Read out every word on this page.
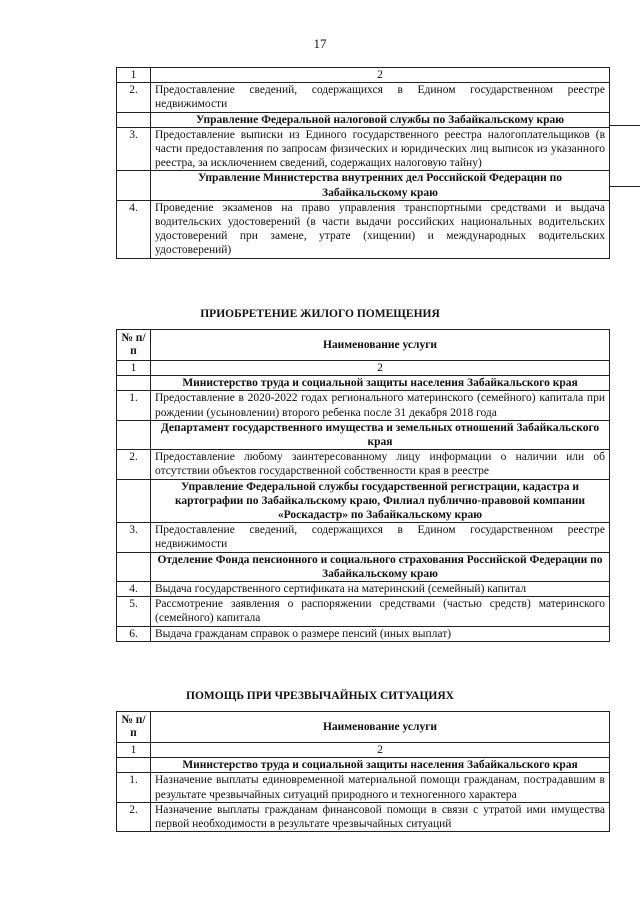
17
1	2
2.	Предоставление сведений, содержащихся в Едином государственном реестре недвижимости
	Управление Федеральной налоговой службы по Забайкальскому краю
3.	Предоставление выписки из Единого государственного реестра налогоплательщиков (в части предоставления по запросам физических и юридических лиц выписок из указанного реестра, за исключением сведений, содержащих налоговую тайну)
	Управление Министерства внутренних дел Российской Федерации по Забайкальскому краю
4.	Проведение экзаменов на право управления транспортными средствами и выдача водительских удостоверений (в части выдачи российских национальных водительских удостоверений при замене, утрате (хищении) и международных водительских удостоверений)
ПРИОБРЕТЕНИЕ ЖИЛОГО ПОМЕЩЕНИЯ
№ п/п	Наименование услуги
1	2
	Министерство труда и социальной защиты населения Забайкальского края
1.	Предоставление в 2020-2022 годах регионального материнского (семейного) капитала при рождении (усыновлении) второго ребенка после 31 декабря 2018 года
	Департамент государственного имущества и земельных отношений Забайкальского края
2.	Предоставление любому заинтересованному лицу информации о наличии или об отсутствии объектов государственной собственности края в реестре
	Управление Федеральной службы государственной регистрации, кадастра и картографии по Забайкальскому краю, Филиал публично-правовой компании «Роскадастр» по Забайкальскому краю
3.	Предоставление сведений, содержащихся в Едином государственном реестре недвижимости
	Отделение Фонда пенсионного и социального страхования Российской Федерации по Забайкальскому краю
4.	Выдача государственного сертификата на материнский (семейный) капитал
5.	Рассмотрение заявления о распоряжении средствами (частью средств) материнского (семейного) капитала
6.	Выдача гражданам справок о размере пенсий (иных выплат)
ПОМОЩЬ ПРИ ЧРЕЗВЫЧАЙНЫХ СИТУАЦИЯХ
№ п/п	Наименование услуги
1	2
	Министерство труда и социальной защиты населения Забайкальского края
1.	Назначение выплаты единовременной материальной помощи гражданам, пострадавшим в результате чрезвычайных ситуаций природного и техногенного характера
2.	Назначение выплаты гражданам финансовой помощи в связи с утратой ими имущества первой необходимости в результате чрезвычайных ситуаций
